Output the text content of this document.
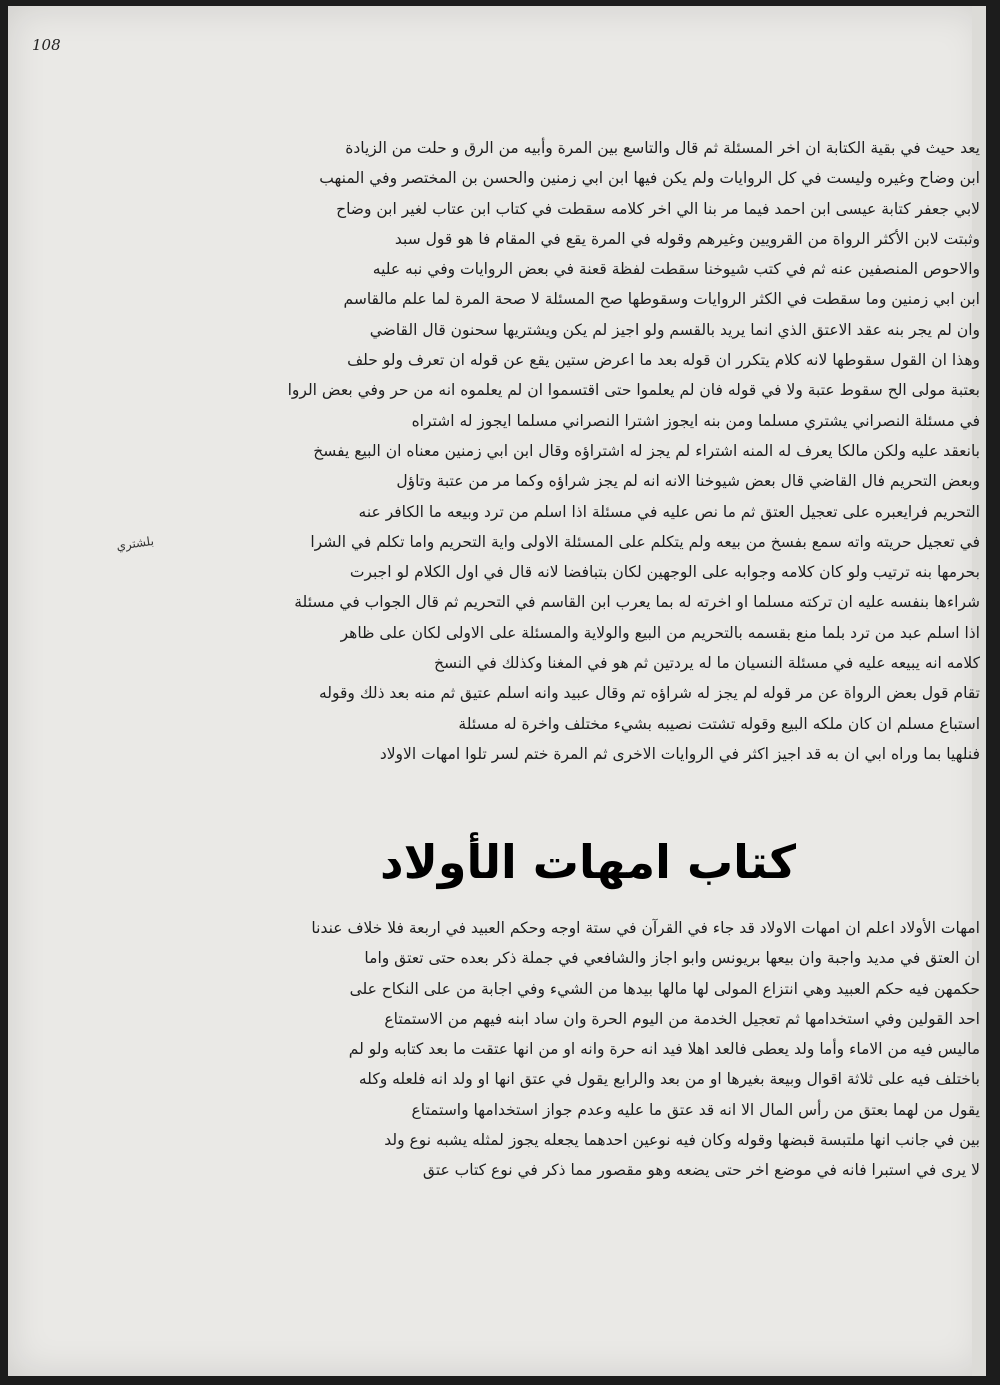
108
يعد حيث في بقية الكتابة ان اخر المسئلة ثم قال والتاسع بين المرة وأبيه من الرق و حلت من الزيادة
ابن وضاح وغيره وليست في كل الروايات ولم يكن فيها ابن ابي زمنين والحسن بن المختصر وفي المنهب
لابي جعفر كتابة عيسى ابن احمد فيما مر بنا الي اخر كلامه سقطت في كتاب ابن عتاب لغير ابن وضاح
وثبتت لابن الأكثر الرواة من القرويين وغيرهم وقوله في المرة يقع في المقام فا هو قول سبد
والاحوص المنصفين عنه ثم في كتب شيوخنا سقطت لفظة قعنة في بعض الروايات وفي نبه عليه
ابن ابي زمنين وما سقطت في الكثر الروايات وسقوطها صح المسئلة لا صحة المرة لما علم مالقاسم
وان لم يجر بنه عقد الاعتق الذي انما يريد بالقسم ولو اجيز لم يكن ويشتريها سحنون قال القاضي
وهذا ان القول سقوطها لانه كلام يتكرر ان قوله بعد ما اعرض ستين يقع عن قوله ان تعرف ولو حلف
بعتبة مولى الح سقوط عتبة ولا في قوله فان لم يعلموا حتى اقتسموا ان لم يعلموه انه من حر وفي بعض الروا
في مسئلة النصراني يشتري مسلما ومن بنه ايجوز اشترا النصراني مسلما ايجوز له اشتراه
بانعقد عليه ولكن مالكا يعرف له المنه اشتراء لم يجز له اشتراؤه وقال ابن ابي زمنين معناه ان البيع يفسخ
وبعض التحريم فال القاضي قال بعض شيوخنا الانه انه لم يجز شراؤه وكما مر من عتبة وتاؤل
التحريم فرايعبره على تعجيل العتق ثم ما نص عليه في مسئلة اذا اسلم من ترد وبيعه ما الكافر عنه
في تعجيل حريته واته سمع بفسخ من بيعه ولم يتكلم على المسئلة الاولى واية التحريم واما تكلم في الشرا
بحرمها بنه ترتيب ولو كان كلامه وجوابه على الوجهين لكان بتبافضا لانه قال في اول الكلام لو اجبرت
شراءها بنفسه عليه ان تركته مسلما او اخرته له بما يعرب ابن القاسم في التحريم ثم قال الجواب في مسئلة
اذا اسلم عبد من ترد بلما منع بقسمه بالتحريم من البيع والولاية والمسئلة على الاولى لكان على ظاهر
كلامه انه يبيعه عليه في مسئلة النسيان ما له يردتين ثم هو في المغنا وكذلك في النسخ
تقام قول بعض الرواة عن مر قوله لم يجز له شراؤه تم وقال عبيد وانه اسلم عتيق ثم منه بعد ذلك وقوله
استباع مسلم ان كان ملكه البيع وقوله تشتت نصيبه بشيء مختلف واخرة له مسئلة
فنلهيا بما وراه ابي ان به قد اجيز اكثر في الروايات الاخرى ثم المرة ختم لسر تلوا امهات الاولاد
بلشتري
كتاب امهات الأولاد
امهات الأولاد اعلم ان امهات الاولاد قد جاء في القرآن في ستة اوجه وحكم العبيد في اربعة فلا خلاف عندنا
ان العتق في مديد واجبة وان بيعها بريونس وابو اجاز والشافعي في جملة ذكر بعده حتى تعتق واما
حكمهن فيه حكم العبيد وهي انتزاع المولى لها مالها بيدها من الشيء وفي اجابة من على النكاح على
احد القولين وفي استخدامها ثم تعجيل الخدمة من اليوم الحرة وان ساد ابنه فيهم من الاستمتاع
ماليس فيه من الاماء وأما ولد يعطى فالعد اهلا فيد انه حرة وانه او من انها عتقت ما بعد كتابه ولو لم
باختلف فيه على ثلاثة اقوال وبيعة بغيرها او من بعد والرابع يقول في عتق انها او ولد انه فلعله وكله
يقول من لهما بعتق من رأس المال الا انه قد عتق ما عليه وعدم جواز استخدامها واستمتاع
بين في جانب انها ملتبسة قبضها وقوله وكان فيه نوعين احدهما يجعله يجوز لمثله يشبه نوع ولد
لا يرى في استبرا فانه في موضع اخر حتى يضعه وهو مقصور مما ذكر في نوع كتاب عتق
